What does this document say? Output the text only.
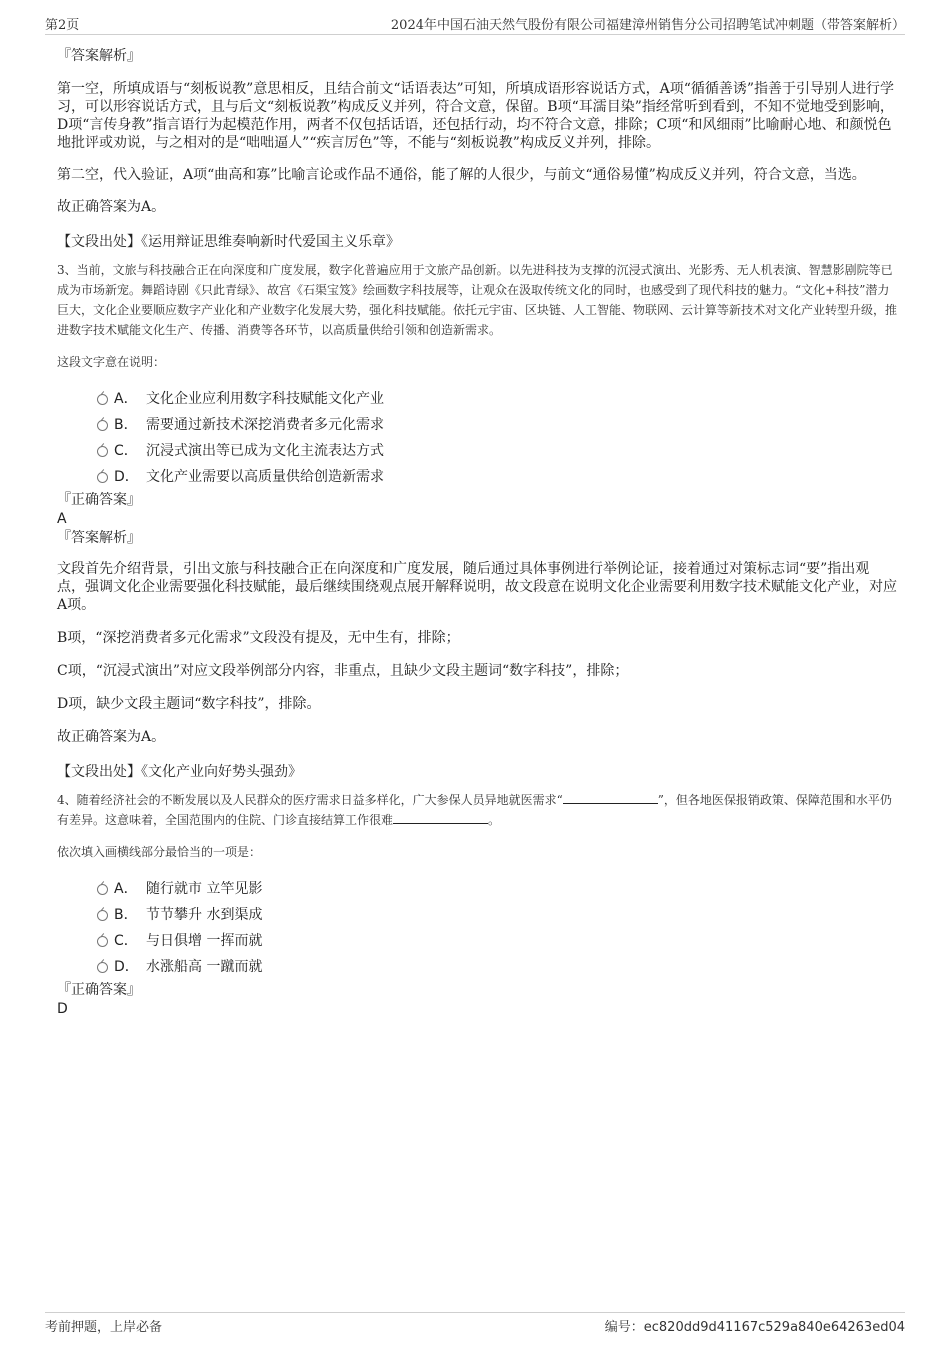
第2页	2024年中国石油天然气股份有限公司福建漳州销售分公司招聘笔试冲刺题（带答案解析）

『答案解析』

第一空，所填成语与“刻板说教”意思相反，且结合前文“话语表达”可知，所填成语形容说话方式，A项“循循善诱”指善于引导别人进行学习，可以形容说话方式，且与后文“刻板说教”构成反义并列，符合文意，保留。B项“耳濡目染”指经常听到看到，不知不觉地受到影响，D项“言传身教”指言语行为起模范作用，两者不仅包括话语，还包括行动，均不符合文意，排除；C项“和风细雨”比喻耐心地、和颜悦色地批评或劝说，与之相对的是“咄咄逼人”“疾言厉色”等，不能与“刻板说教”构成反义并列，排除。

第二空，代入验证，A项“曲高和寡”比喻言论或作品不通俗，能了解的人很少，与前文“通俗易懂”构成反义并列，符合文意，当选。

故正确答案为A。

【文段出处】《运用辩证思维奏响新时代爱国主义乐章》

3、当前，文旅与科技融合正在向深度和广度发展，数字化普遍应用于文旅产品创新。以先进科技为支撑的沉浸式演出、光影秀、无人机表演、智慧影剧院等已成为市场新宠。舞蹈诗剧《只此青绿》、故宫《石渠宝笈》绘画数字科技展等，让观众在汲取传统文化的同时，也感受到了现代科技的魅力。“文化+科技”潜力巨大，文化企业要顺应数字产业化和产业数字化发展大势，强化科技赋能。依托元宇宙、区块链、人工智能、物联网、云计算等新技术对文化产业转型升级，推进数字技术赋能文化生产、传播、消费等各环节，以高质量供给引领和创造新需求。

这段文字意在说明：

A． 文化企业应利用数字科技赋能文化产业
B． 需要通过新技术深挖消费者多元化需求
C． 沉浸式演出等已成为文化主流表达方式
D． 文化产业需要以高质量供给创造新需求

『正确答案』

A

『答案解析』

文段首先介绍背景，引出文旅与科技融合正在向深度和广度发展，随后通过具体事例进行举例论证，接着通过对策标志词“要”指出观点，强调文化企业需要强化科技赋能，最后继续围绕观点展开解释说明，故文段意在说明文化企业需要利用数字技术赋能文化产业，对应A项。

B项，“深挖消费者多元化需求”文段没有提及，无中生有，排除；

C项，“沉浸式演出”对应文段举例部分内容，非重点，且缺少文段主题词“数字科技”，排除；

D项，缺少文段主题词“数字科技”，排除。

故正确答案为A。

【文段出处】《文化产业向好势头强劲》

4、随着经济社会的不断发展以及人民群众的医疗需求日益多样化，广大参保人员异地就医需求“	”，但各地医保报销政策、保障范围和水平仍有差异。这意味着，全国范围内的住院、门诊直接结算工作很难	。

依次填入画横线部分最恰当的一项是：

A． 随行就市 立竿见影
B． 节节攀升 水到渠成
C． 与日俱增 一挥而就
D． 水涨船高 一蹴而就

『正确答案』

D

考前押题，上岸必备	编号：ec820dd9d41167c529a840e64263ed04
